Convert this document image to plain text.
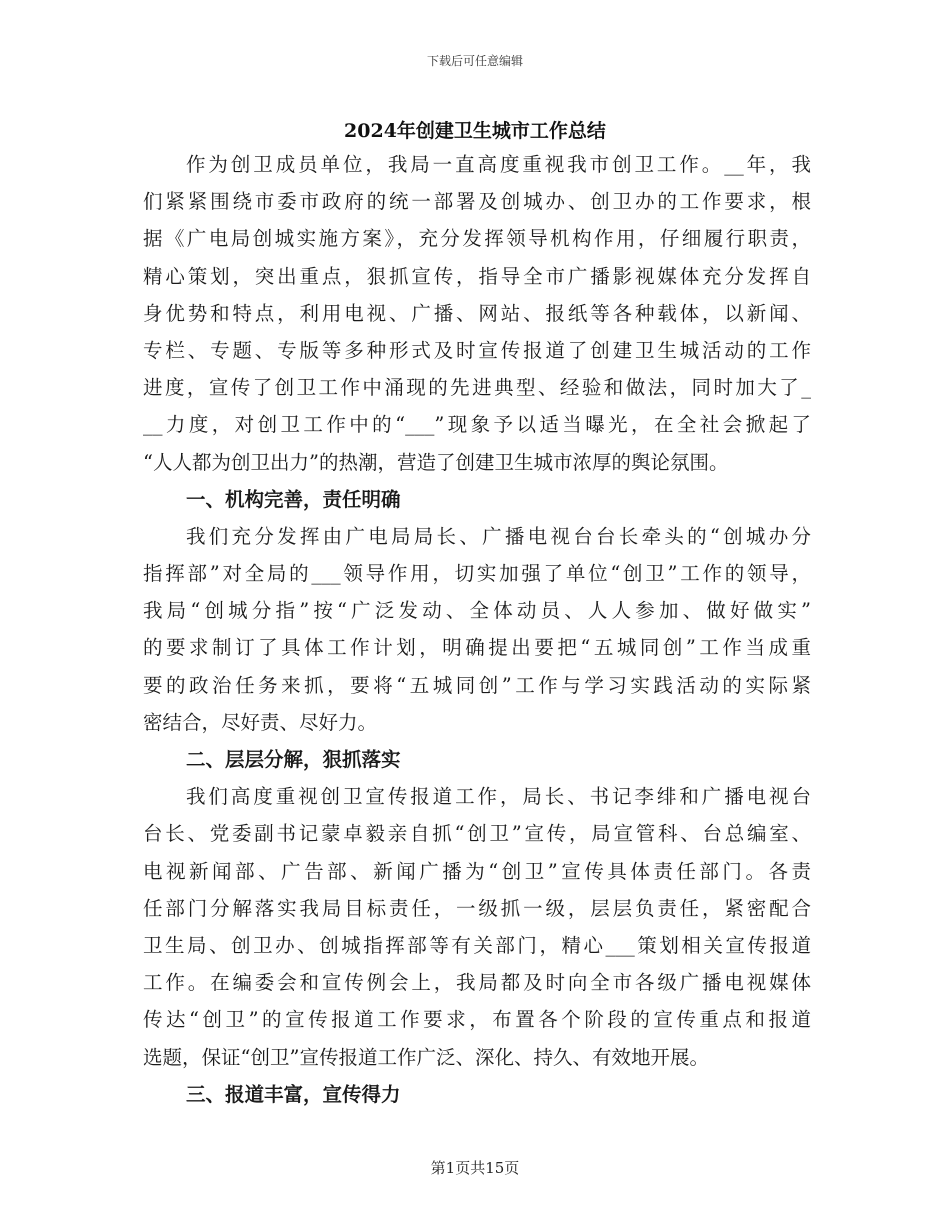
下载后可任意编辑
2024年创建卫生城市工作总结
作为创卫成员单位，我局一直高度重视我市创卫工作。__年，我
们紧紧围绕市委市政府的统一部署及创城办、创卫办的工作要求，根
据《广电局创城实施方案》，充分发挥领导机构作用，仔细履行职责，
精心策划，突出重点，狠抓宣传，指导全市广播影视媒体充分发挥自
身优势和特点，利用电视、广播、网站、报纸等各种载体，以新闻、
专栏、专题、专版等多种形式及时宣传报道了创建卫生城活动的工作
进度，宣传了创卫工作中涌现的先进典型、经验和做法，同时加大了_
__力度，对创卫工作中的“___”现象予以适当曝光，在全社会掀起了
“人人都为创卫出力”的热潮，营造了创建卫生城市浓厚的舆论氛围。
一、机构完善，责任明确
我们充分发挥由广电局局长、广播电视台台长牵头的“创城办分
指挥部”对全局的___领导作用，切实加强了单位“创卫”工作的领导，
我局“创城分指”按“广泛发动、全体动员、人人参加、做好做实”
的要求制订了具体工作计划，明确提出要把“五城同创”工作当成重
要的政治任务来抓，要将“五城同创”工作与学习实践活动的实际紧
密结合，尽好责、尽好力。
二、层层分解，狠抓落实
我们高度重视创卫宣传报道工作，局长、书记李绯和广播电视台
台长、党委副书记蒙卓毅亲自抓“创卫”宣传，局宣管科、台总编室、
电视新闻部、广告部、新闻广播为“创卫”宣传具体责任部门。各责
任部门分解落实我局目标责任，一级抓一级，层层负责任，紧密配合
卫生局、创卫办、创城指挥部等有关部门，精心___策划相关宣传报道
工作。在编委会和宣传例会上，我局都及时向全市各级广播电视媒体
传达“创卫”的宣传报道工作要求，布置各个阶段的宣传重点和报道
选题，保证“创卫”宣传报道工作广泛、深化、持久、有效地开展。
三、报道丰富，宣传得力
第1页共15页
